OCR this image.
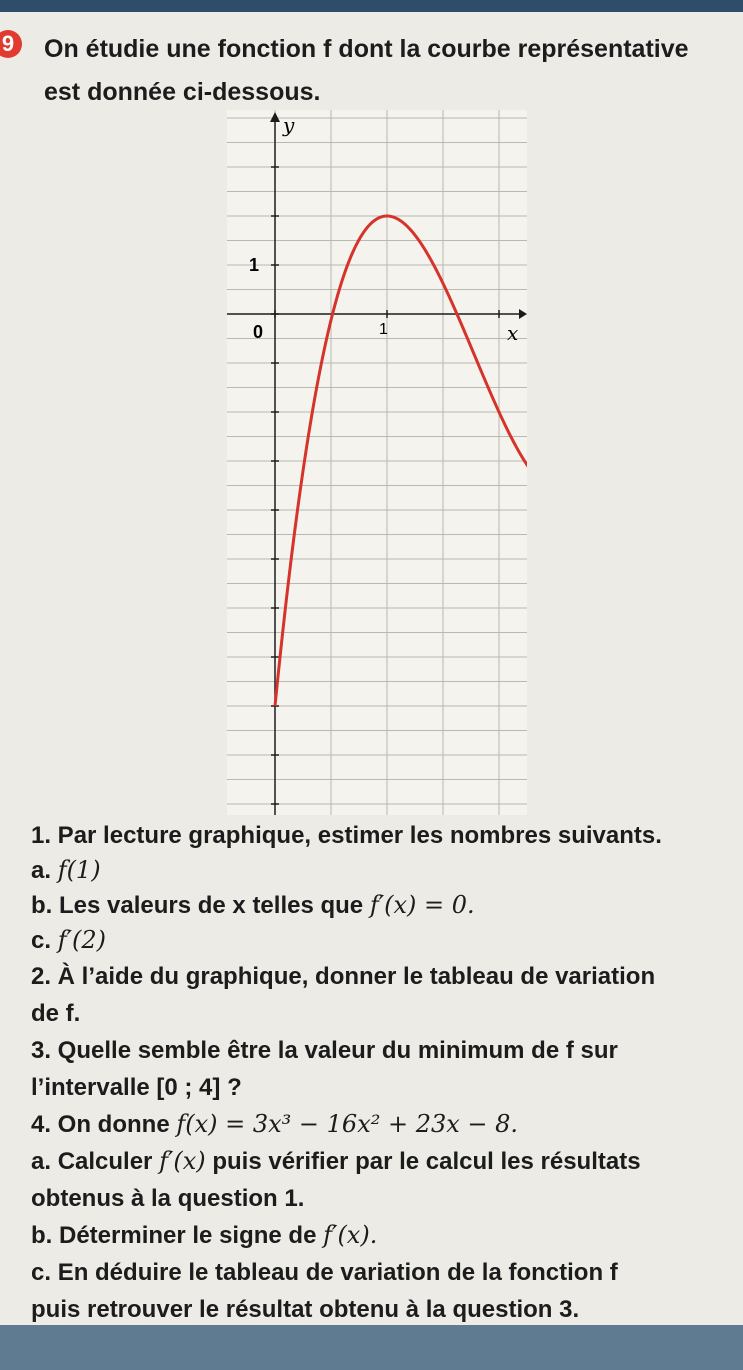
9	On étudie une fonction f dont la courbe représentative
est donnée ci-dessous.
y
x
0	1
1
1. Par lecture graphique, estimer les nombres suivants.
a. f(1)
b. Les valeurs de x telles que f′(x) = 0.
c. f′(2)
2. À l’aide du graphique, donner le tableau de variation
de f.
3. Quelle semble être la valeur du minimum de f sur
l’intervalle [0 ; 4] ?
4. On donne f(x) = 3x³ − 16x² + 23x − 8.
a. Calculer f′(x) puis vérifier par le calcul les résultats
obtenus à la question 1.
b. Déterminer le signe de f′(x).
c. En déduire le tableau de variation de la fonction f
puis retrouver le résultat obtenu à la question 3.
